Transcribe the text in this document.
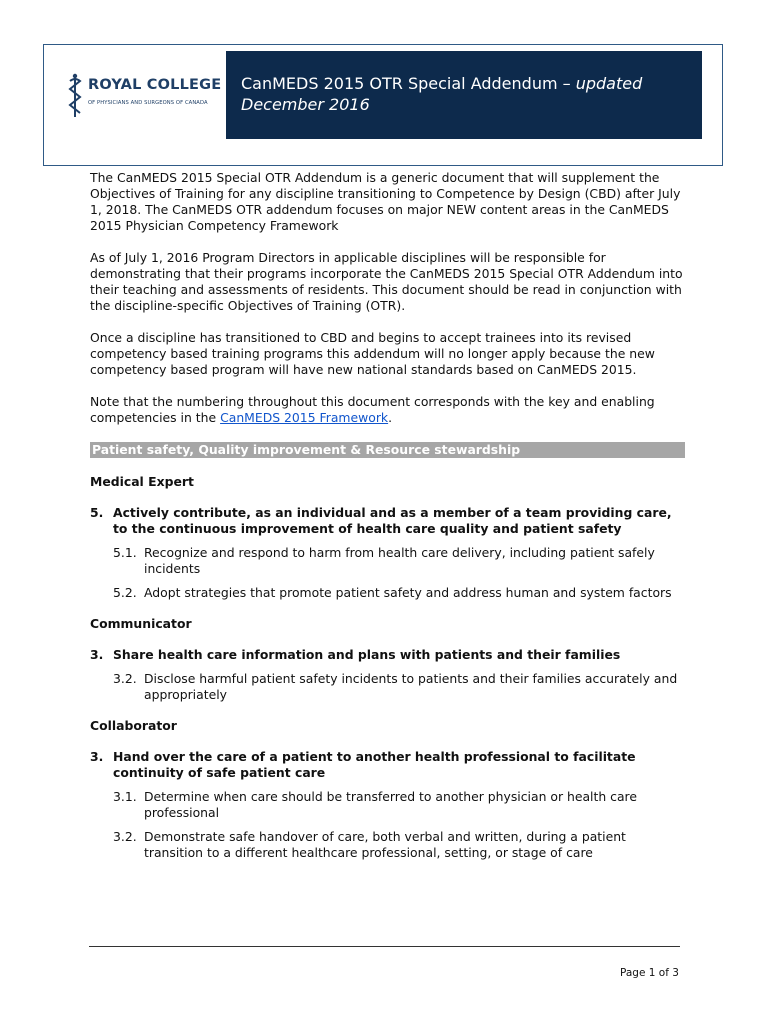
ROYAL COLLEGE
OF PHYSICIANS AND SURGEONS OF CANADA
CanMEDS 2015 OTR Special Addendum – updated
December 2016

The CanMEDS 2015 Special OTR Addendum is a generic document that will supplement the Objectives of Training for any discipline transitioning to Competence by Design (CBD) after July 1, 2018. The CanMEDS OTR addendum focuses on major NEW content areas in the CanMEDS 2015 Physician Competency Framework

As of July 1, 2016 Program Directors in applicable disciplines will be responsible for demonstrating that their programs incorporate the CanMEDS 2015 Special OTR Addendum into their teaching and assessments of residents. This document should be read in conjunction with the discipline-specific Objectives of Training (OTR).

Once a discipline has transitioned to CBD and begins to accept trainees into its revised competency based training programs this addendum will no longer apply because the new competency based program will have new national standards based on CanMEDS 2015.

Note that the numbering throughout this document corresponds with the key and enabling competencies in the CanMEDS 2015 Framework.

Patient safety, Quality improvement & Resource stewardship
Medical Expert
5. Actively contribute, as an individual and as a member of a team providing care, to the continuous improvement of health care quality and patient safety
5.1. Recognize and respond to harm from health care delivery, including patient safely incidents
5.2. Adopt strategies that promote patient safety and address human and system factors
Communicator
3. Share health care information and plans with patients and their families
3.2. Disclose harmful patient safety incidents to patients and their families accurately and appropriately
Collaborator
3. Hand over the care of a patient to another health professional to facilitate continuity of safe patient care
3.1. Determine when care should be transferred to another physician or health care professional
3.2. Demonstrate safe handover of care, both verbal and written, during a patient transition to a different healthcare professional, setting, or stage of care
Page 1 of 3
